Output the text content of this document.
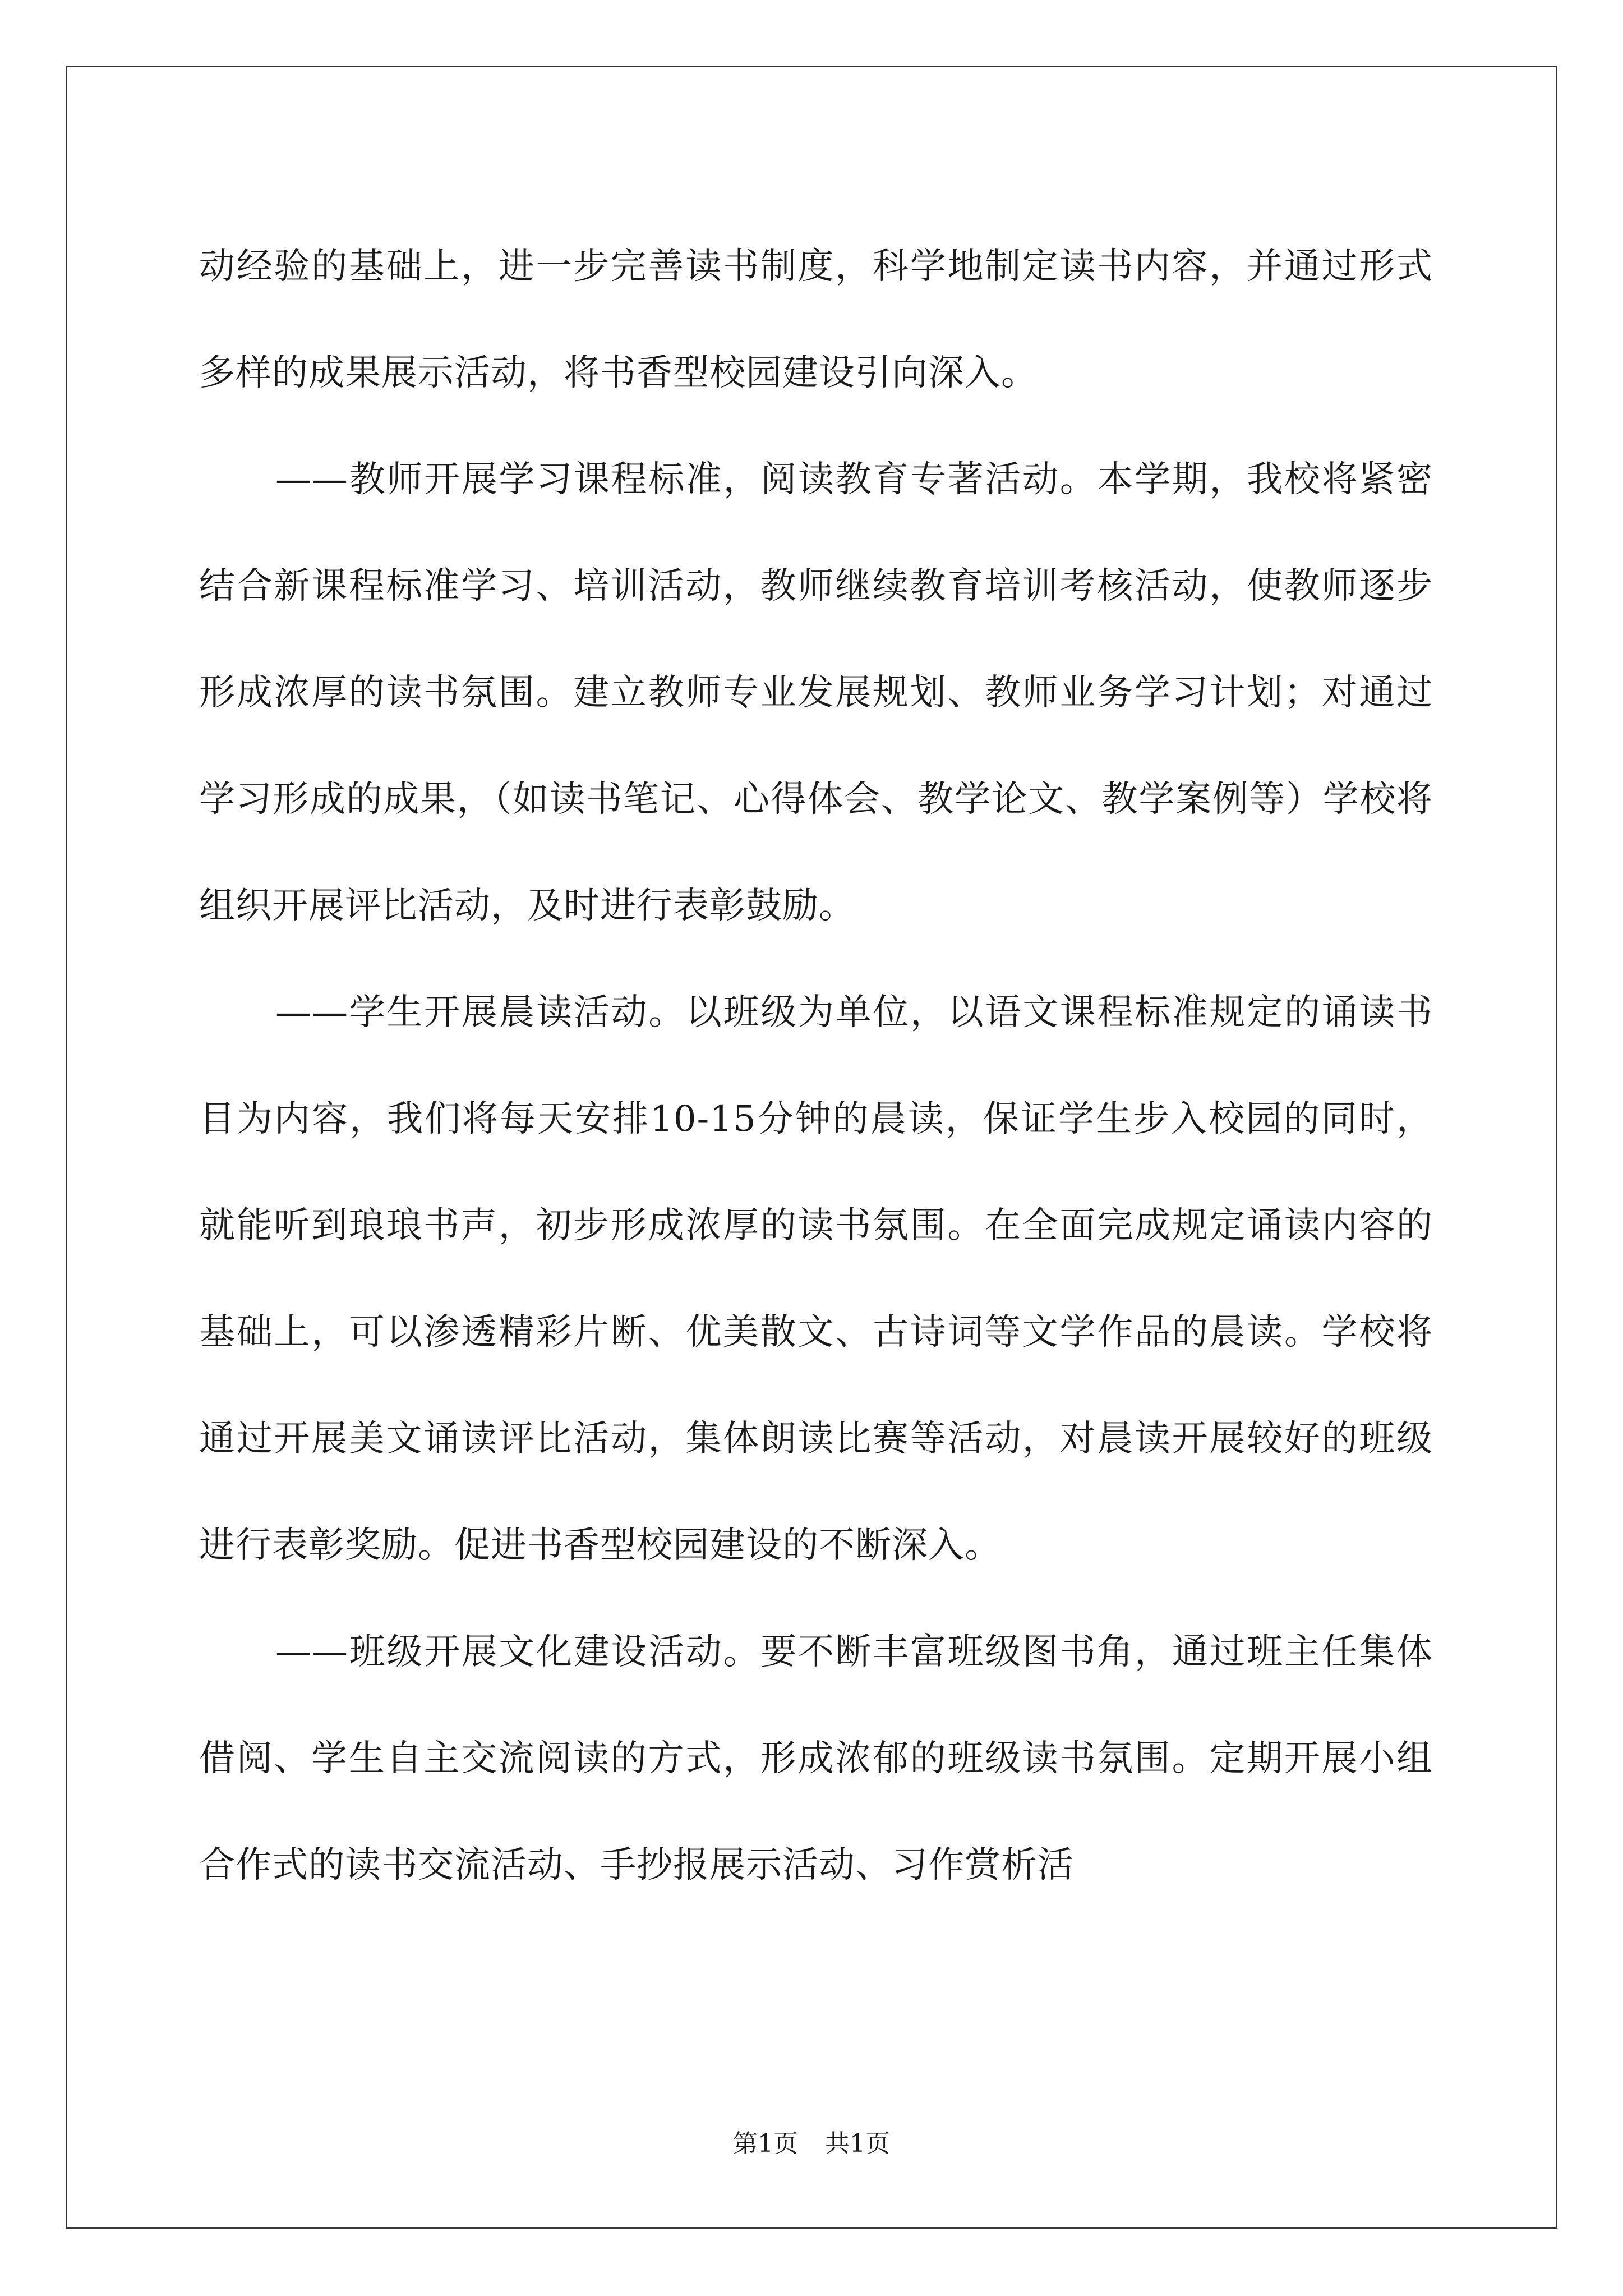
动经验的基础上，进一步完善读书制度，科学地制定读书内容，并通过形式多样的成果展示活动，将书香型校园建设引向深入。

——教师开展学习课程标准，阅读教育专著活动。本学期，我校将紧密结合新课程标准学习、培训活动，教师继续教育培训考核活动，使教师逐步形成浓厚的读书氛围。建立教师专业发展规划、教师业务学习计划；对通过学习形成的成果，（如读书笔记、心得体会、教学论文、教学案例等）学校将组织开展评比活动，及时进行表彰鼓励。

——学生开展晨读活动。以班级为单位，以语文课程标准规定的诵读书目为内容，我们将每天安排10-15分钟的晨读，保证学生步入校园的同时，就能听到琅琅书声，初步形成浓厚的读书氛围。在全面完成规定诵读内容的基础上，可以渗透精彩片断、优美散文、古诗词等文学作品的晨读。学校将通过开展美文诵读评比活动，集体朗读比赛等活动，对晨读开展较好的班级进行表彰奖励。促进书香型校园建设的不断深入。

——班级开展文化建设活动。要不断丰富班级图书角，通过班主任集体借阅、学生自主交流阅读的方式，形成浓郁的班级读书氛围。定期开展小组合作式的读书交流活动、手抄报展示活动、习作赏析活

第1页 共1页
